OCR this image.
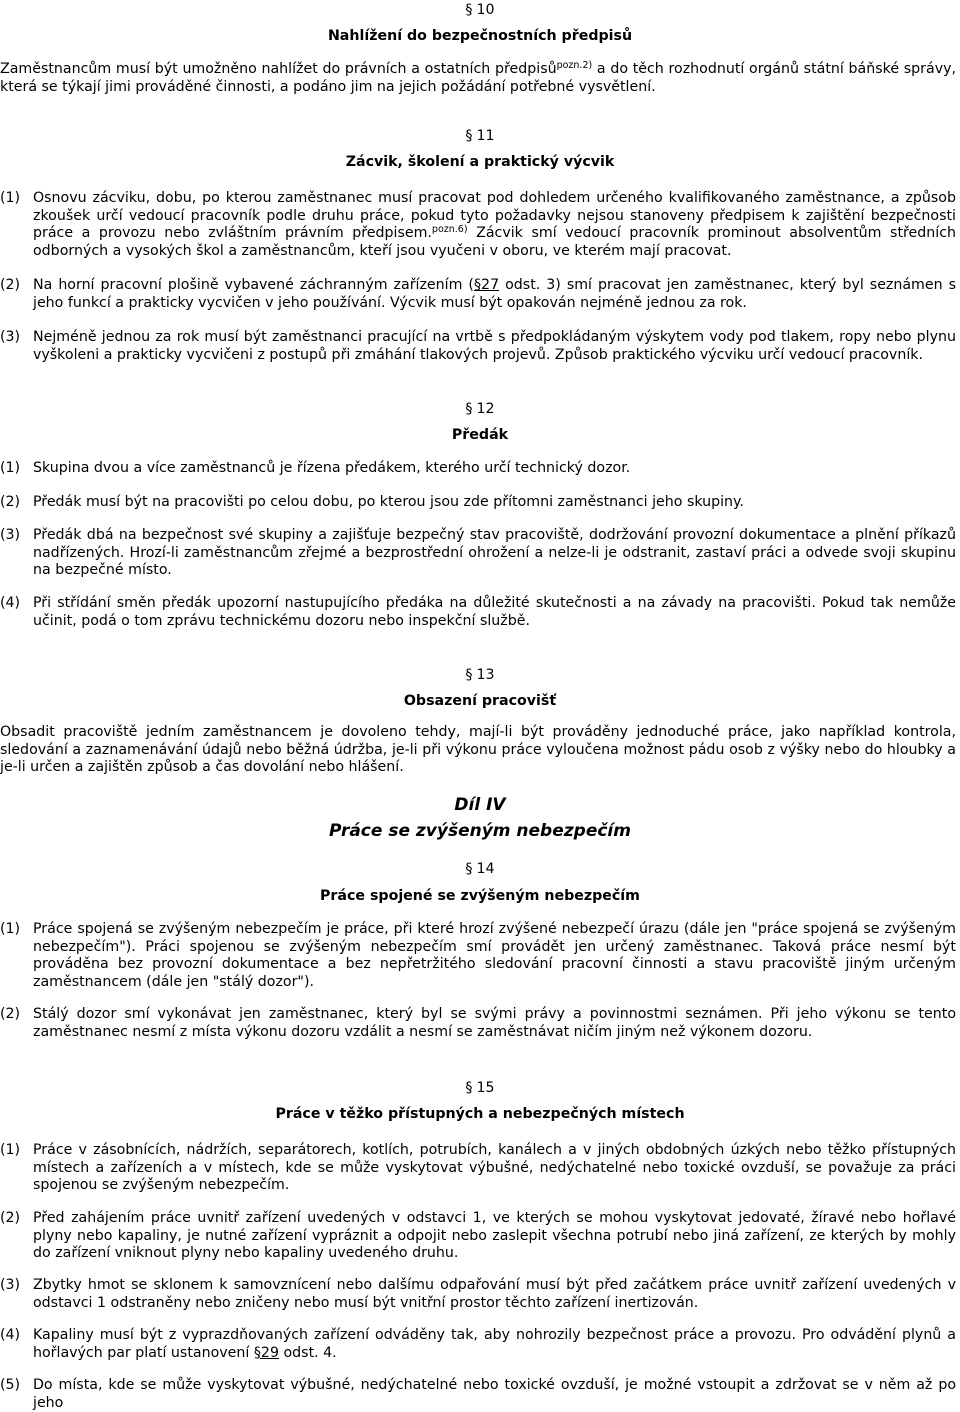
§ 10
Nahlížení do bezpečnostních předpisů
Zaměstnancům musí být umožněno nahlížet do právních a ostatních předpisů$^{pozn.2)}$ a do těch rozhodnutí orgánů státní báňské správy, která se týkají jimi prováděné činnosti, a podáno jim na jejich požádání potřebné vysvětlení.
§ 11
Zácvik, školení a praktický výcvik
(1) Osnovu zácviku, dobu, po kterou zaměstnanec musí pracovat pod dohledem určeného kvalifikovaného zaměstnance, a způsob zkoušek určí vedoucí pracovník podle druhu práce, pokud tyto požadavky nejsou stanoveny předpisem k zajištění bezpečnosti práce a provozu nebo zvláštním právním předpisem.$^{pozn.6)}$ Zácvik smí vedoucí pracovník prominout absolventům středních odborných a vysokých škol a zaměstnancům, kteří jsou vyučeni v oboru, ve kterém mají pracovat.
(2) Na horní pracovní plošině vybavené záchranným zařízením ( § 27 odst. 3) smí pracovat jen zaměstnanec, který byl seznámen s jeho funkcí a prakticky vycvičen v jeho používání. Výcvik musí být opakován nejméně jednou za rok.
(3) Nejméně jednou za rok musí být zaměstnanci pracující na vrtbě s předpokládaným výskytem vody pod tlakem, ropy nebo plynu vyškoleni a prakticky vycvičeni z postupů při zmáhání tlakových projevů. Způsob praktického výcviku určí vedoucí pracovník.
§ 12
Předák
(1) Skupina dvou a více zaměstnanců je řízena předákem, kterého určí technický dozor.
(2) Předák musí být na pracovišti po celou dobu, po kterou jsou zde přítomni zaměstnanci jeho skupiny.
(3) Předák dbá na bezpečnost své skupiny a zajišťuje bezpečný stav pracoviště, dodržování provozní dokumentace a plnění příkazů nadřízených. Hrozí-li zaměstnancům zřejmé a bezprostřední ohrožení a nelze-li je odstranit, zastaví práci a odvede svoji skupinu na bezpečné místo.
(4) Při střídání směn předák upozorní nastupujícího předáka na důležité skutečnosti a na závady na pracovišti. Pokud tak nemůže učinit, podá o tom zprávu technickému dozoru nebo inspekční službě.
§ 13
Obsazení pracovišť
Obsadit pracoviště jedním zaměstnancem je dovoleno tehdy, mají-li být prováděny jednoduché práce, jako například kontrola, sledování a zaznamenávání údajů nebo běžná údržba, je-li při výkonu práce vyloučena možnost pádu osob z výšky nebo do hloubky a je-li určen a zajištěn způsob a čas dovolání nebo hlášení.
Díl IV
Práce se zvýšeným nebezpečím
§ 14
Práce spojené se zvýšeným nebezpečím
(1) Práce spojená se zvýšeným nebezpečím je práce, při které hrozí zvýšené nebezpečí úrazu (dále jen "práce spojená se zvýšeným nebezpečím"). Práci spojenou se zvýšeným nebezpečím smí provádět jen určený zaměstnanec. Taková práce nesmí být prováděna bez provozní dokumentace a bez nepřetržitého sledování pracovní činnosti a stavu pracoviště jiným určeným zaměstnancem (dále jen "stálý dozor").
(2) Stálý dozor smí vykonávat jen zaměstnanec, který byl se svými právy a povinnostmi seznámen. Při jeho výkonu se tento zaměstnanec nesmí z místa výkonu dozoru vzdálit a nesmí se zaměstnávat ničím jiným než výkonem dozoru.
§ 15
Práce v těžko přístupných a nebezpečných místech
(1) Práce v zásobnících, nádržích, separátorech, kotlích, potrubích, kanálech a v jiných obdobných úzkých nebo těžko přístupných místech a zařízeních a v místech, kde se může vyskytovat výbušné, nedýchatelné nebo toxické ovzduší, se považuje za práci spojenou se zvýšeným nebezpečím.
(2) Před zahájením práce uvnitř zařízení uvedených v odstavci 1, ve kterých se mohou vyskytovat jedovaté, žíravé nebo hořlavé plyny nebo kapaliny, je nutné zařízení vypráznit a odpojit nebo zaslepit všechna potrubí nebo jiná zařízení, ze kterých by mohly do zařízení vniknout plyny nebo kapaliny uvedeného druhu.
(3) Zbytky hmot se sklonem k samovznícení nebo dalšímu odpařování musí být před začátkem práce uvnitř zařízení uvedených v odstavci 1 odstraněny nebo zničeny nebo musí být vnitřní prostor těchto zařízení inertizován.
(4) Kapaliny musí být z vyprazdňovaných zařízení odváděny tak, aby nohrozily bezpečnost práce a provozu. Pro odvádění plynů a hořlavých par platí ustanovení § 29 odst. 4.
(5) Do místa, kde se může vyskytovat výbušné, nedýchatelné nebo toxické ovzduší, je možné vstoupit a zdržovat se v něm až po jeho
